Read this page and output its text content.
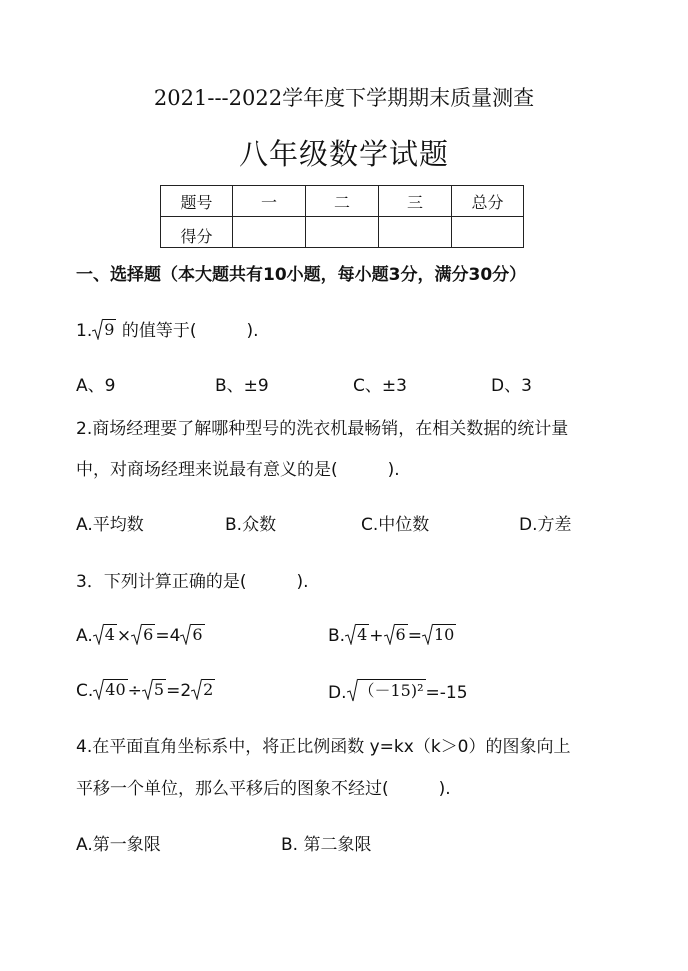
2021---2022学年度下学期期末质量测查
八年级数学试题
题号	一	二	三	总分
得分				
一、选择题（本大题共有10小题，每小题3分，满分30分）
1. 9 的值等于(	).
A、9	B、±9	C、±3	D、3
2.商场经理要了解哪种型号的洗衣机最畅销，在相关数据的统计量
中，对商场经理来说最有意义的是(	).
A.平均数	B.众数	C.中位数	D.方差
3．下列计算正确的是(	).
A. 4 × 6 =4 6	B. 4 + 6 = 10
C. 40 ÷ 5 =2 2	D. （－15)² =-15
4.在平面直角坐标系中，将正比例函数 y=kx（k＞0）的图象向上
平移一个单位，那么平移后的图象不经过(	).
A.第一象限	B. 第二象限
